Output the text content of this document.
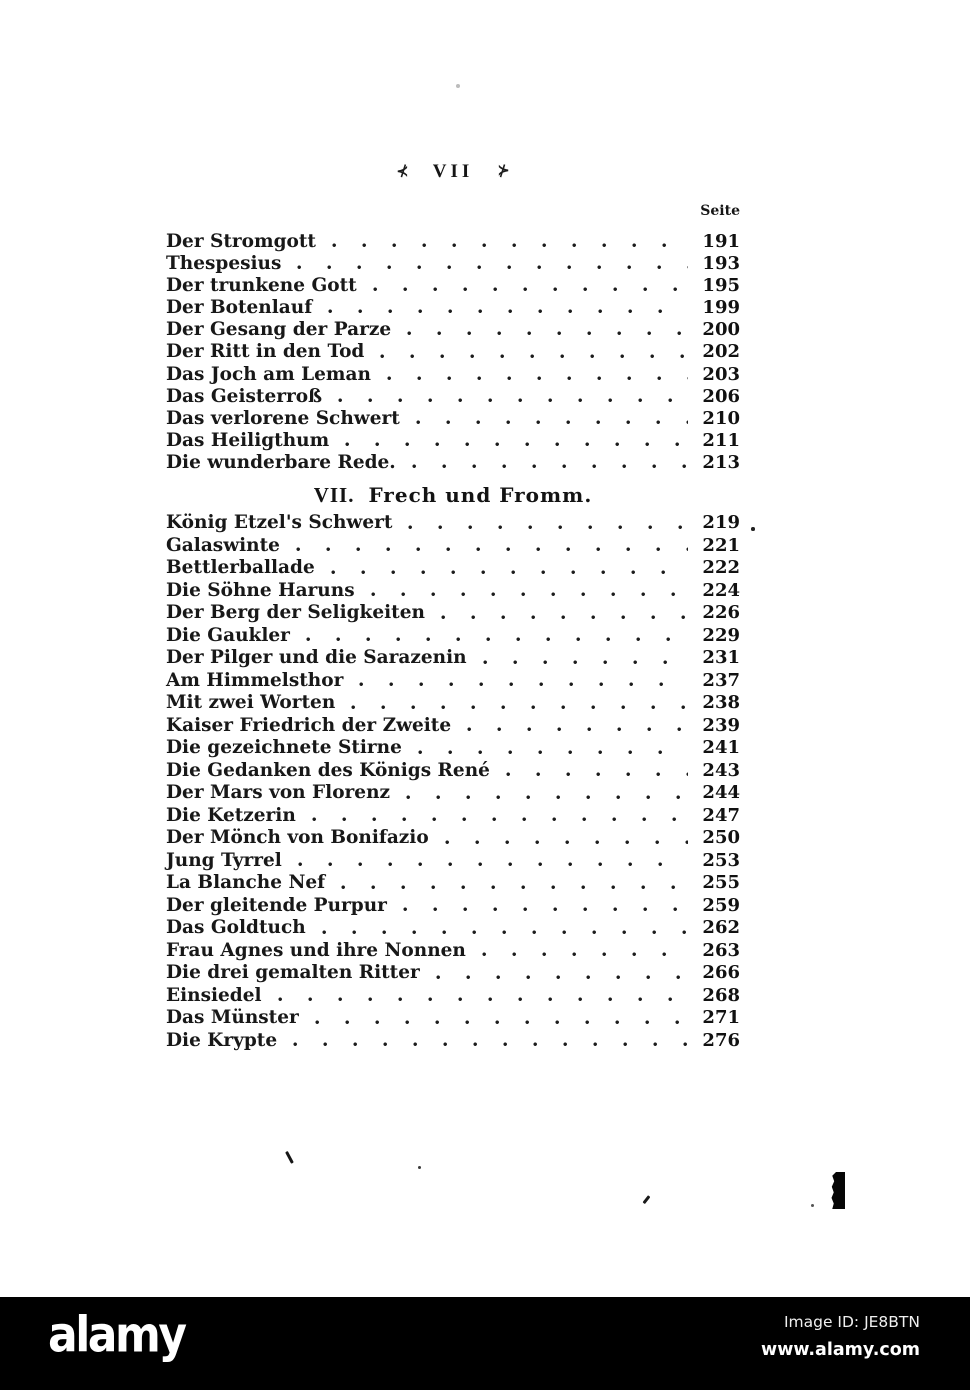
⊀ VII ⊁
Seite
Der Stromgott	191
Thespesius	193
Der trunkene Gott	195
Der Botenlauf	199
Der Gesang der Parze	200
Der Ritt in den Tod	202
Das Joch am Leman	203
Das Geisterroß	206
Das verlorene Schwert	210
Das Heiligthum	211
Die wunderbare Rede.	213
VII. Frech und Fromm.
König Etzel's Schwert	219
Galaswinte	221
Bettlerballade	222
Die Söhne Haruns	224
Der Berg der Seligkeiten	226
Die Gaukler	229
Der Pilger und die Sarazenin	231
Am Himmelsthor	237
Mit zwei Worten	238
Kaiser Friedrich der Zweite	239
Die gezeichnete Stirne	241
Die Gedanken des Königs René	243
Der Mars von Florenz	244
Die Ketzerin	247
Der Mönch von Bonifazio	250
Jung Tyrrel	253
La Blanche Nef	255
Der gleitende Purpur	259
Das Goldtuch	262
Frau Agnes und ihre Nonnen	263
Die drei gemalten Ritter	266
Einsiedel	268
Das Münster	271
Die Krypte	276
alamy	Image ID: JE8BTN
www.alamy.com
